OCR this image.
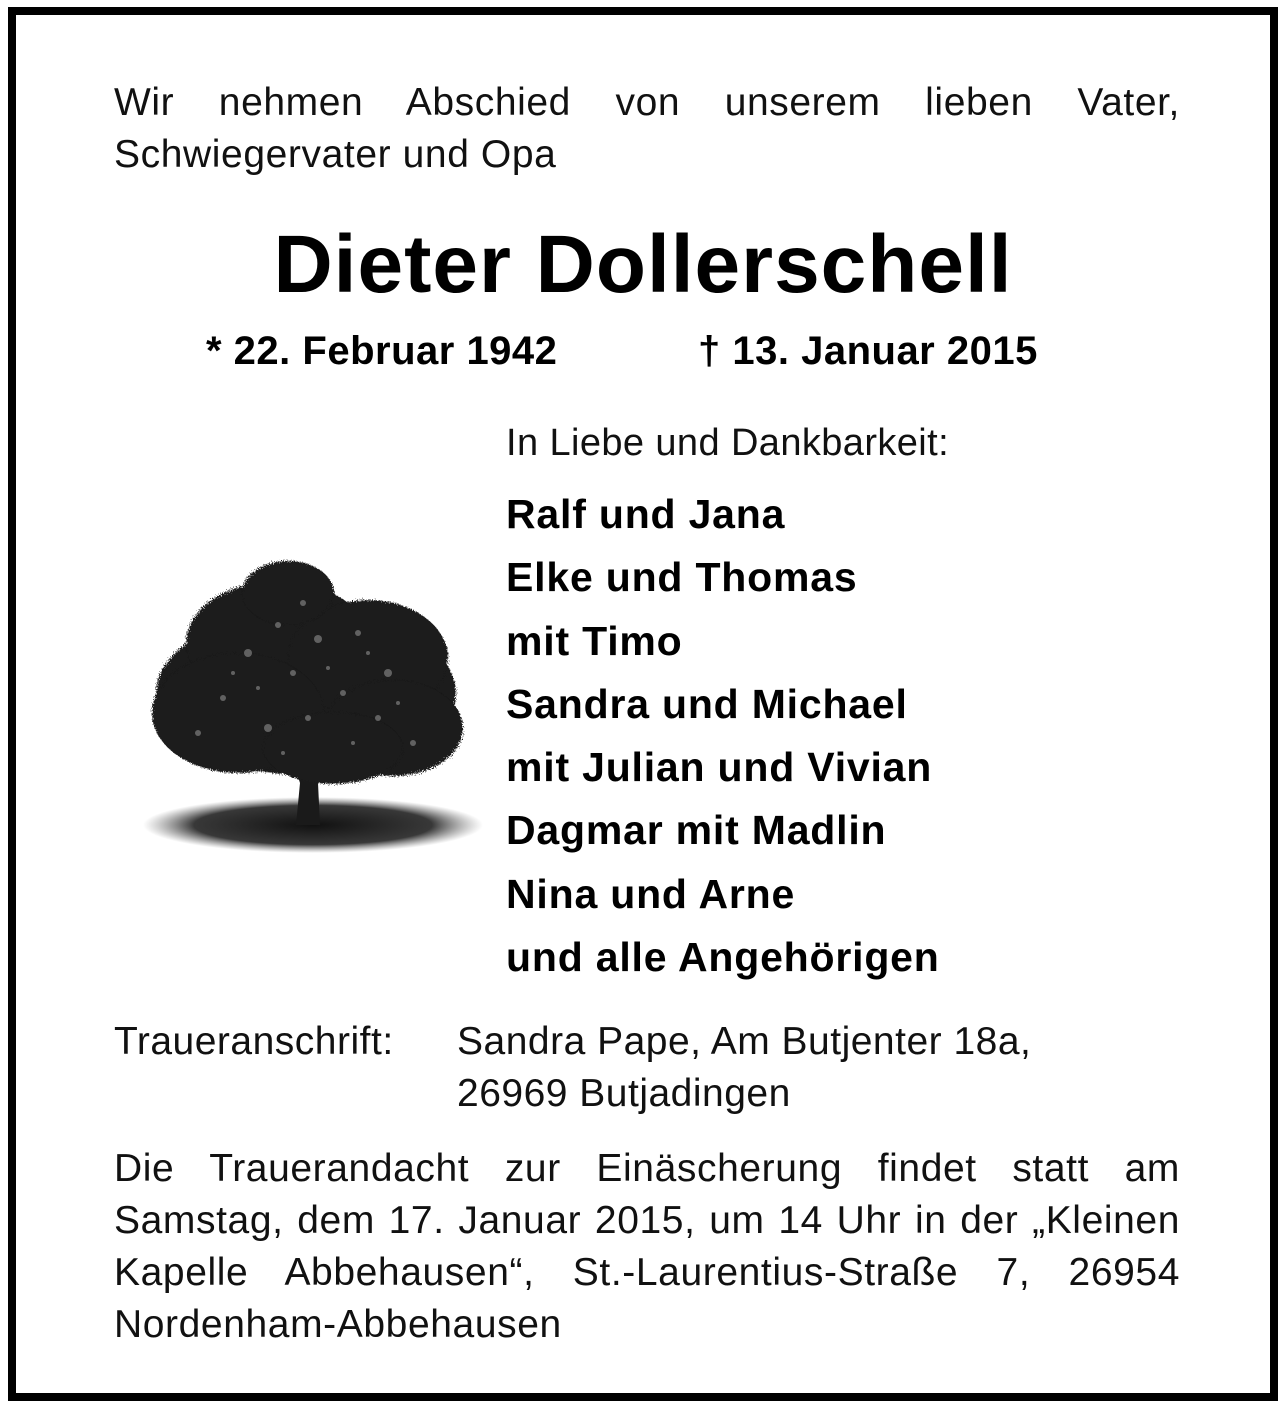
Wir nehmen Abschied von unserem lieben Vater, Schwiegervater und Opa
Dieter Dollerschell
* 22. Februar 1942	† 13. Januar 2015
In Liebe und Dankbarkeit:
Ralf und Jana
Elke und Thomas
mit Timo
Sandra und Michael
mit Julian und Vivian
Dagmar mit Madlin
Nina und Arne
und alle Angehörigen
Traueranschrift: Sandra Pape, Am Butjenter 18a,
26969 Butjadingen
Die Trauerandacht zur Einäscherung findet statt am Samstag, dem 17. Januar 2015, um 14 Uhr in der „Kleinen Kapelle Abbehausen“, St.-Laurentius-Straße 7, 26954 Nordenham-Abbehausen
